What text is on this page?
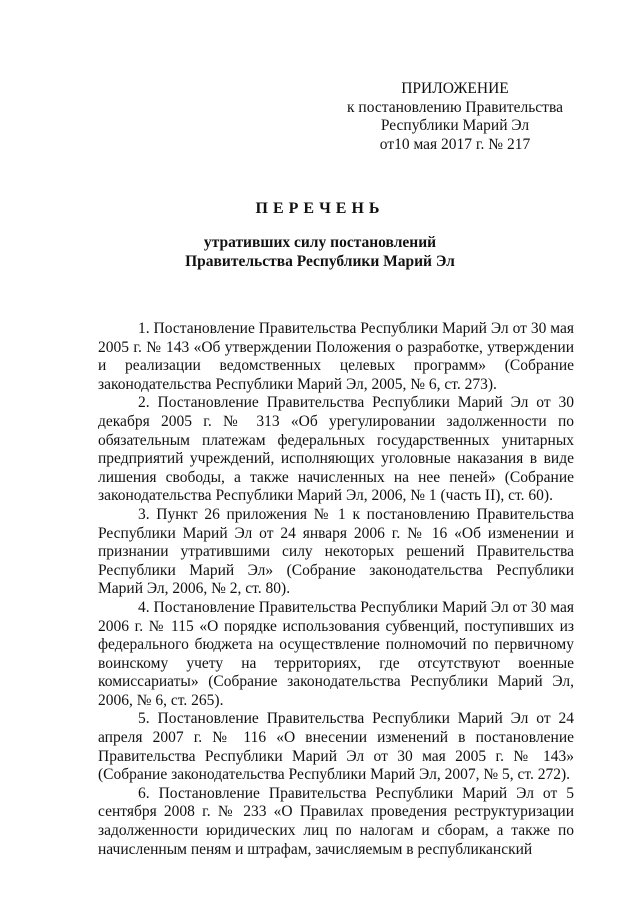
ПРИЛОЖЕНИЕ
к постановлению Правительства
Республики Марий Эл
от10 мая 2017 г. № 217
ПЕРЕЧЕНЬ
утративших силу постановлений
Правительства Республики Марий Эл

1. Постановление Правительства Республики Марий Эл от 30 мая 2005 г. № 143 «Об утверждении Положения о разработке, утверждении и реализации ведомственных целевых программ» (Собрание законодательства Республики Марий Эл, 2005, № 6, ст. 273).

2. Постановление Правительства Республики Марий Эл от 30 декабря 2005 г. № 313 «Об урегулировании задолженности по обязательным платежам федеральных государственных унитарных предприятий учреждений, исполняющих уголовные наказания в виде лишения свободы, а также начисленных на нее пеней» (Собрание законодательства Республики Марий Эл, 2006, № 1 (часть II), ст. 60).

3. Пункт 26 приложения № 1 к постановлению Правительства Республики Марий Эл от 24 января 2006 г. № 16 «Об изменении и признании утратившими силу некоторых решений Правительства Республики Марий Эл» (Собрание законодательства Республики Марий Эл, 2006, № 2, ст. 80).

4. Постановление Правительства Республики Марий Эл от 30 мая 2006 г. № 115 «О порядке использования субвенций, поступивших из федерального бюджета на осуществление полномочий по первичному воинскому учету на территориях, где отсутствуют военные комиссариаты» (Собрание законодательства Республики Марий Эл, 2006, № 6, ст. 265).

5. Постановление Правительства Республики Марий Эл от 24 апреля 2007 г. № 116 «О внесении изменений в постановление Правительства Республики Марий Эл от 30 мая 2005 г. № 143» (Собрание законодательства Республики Марий Эл, 2007, № 5, ст. 272).

6. Постановление Правительства Республики Марий Эл от 5 сентября 2008 г. № 233 «О Правилах проведения реструктуризации задолженности юридических лиц по налогам и сборам, а также по начисленным пеням и штрафам, зачисляемым в республиканский
